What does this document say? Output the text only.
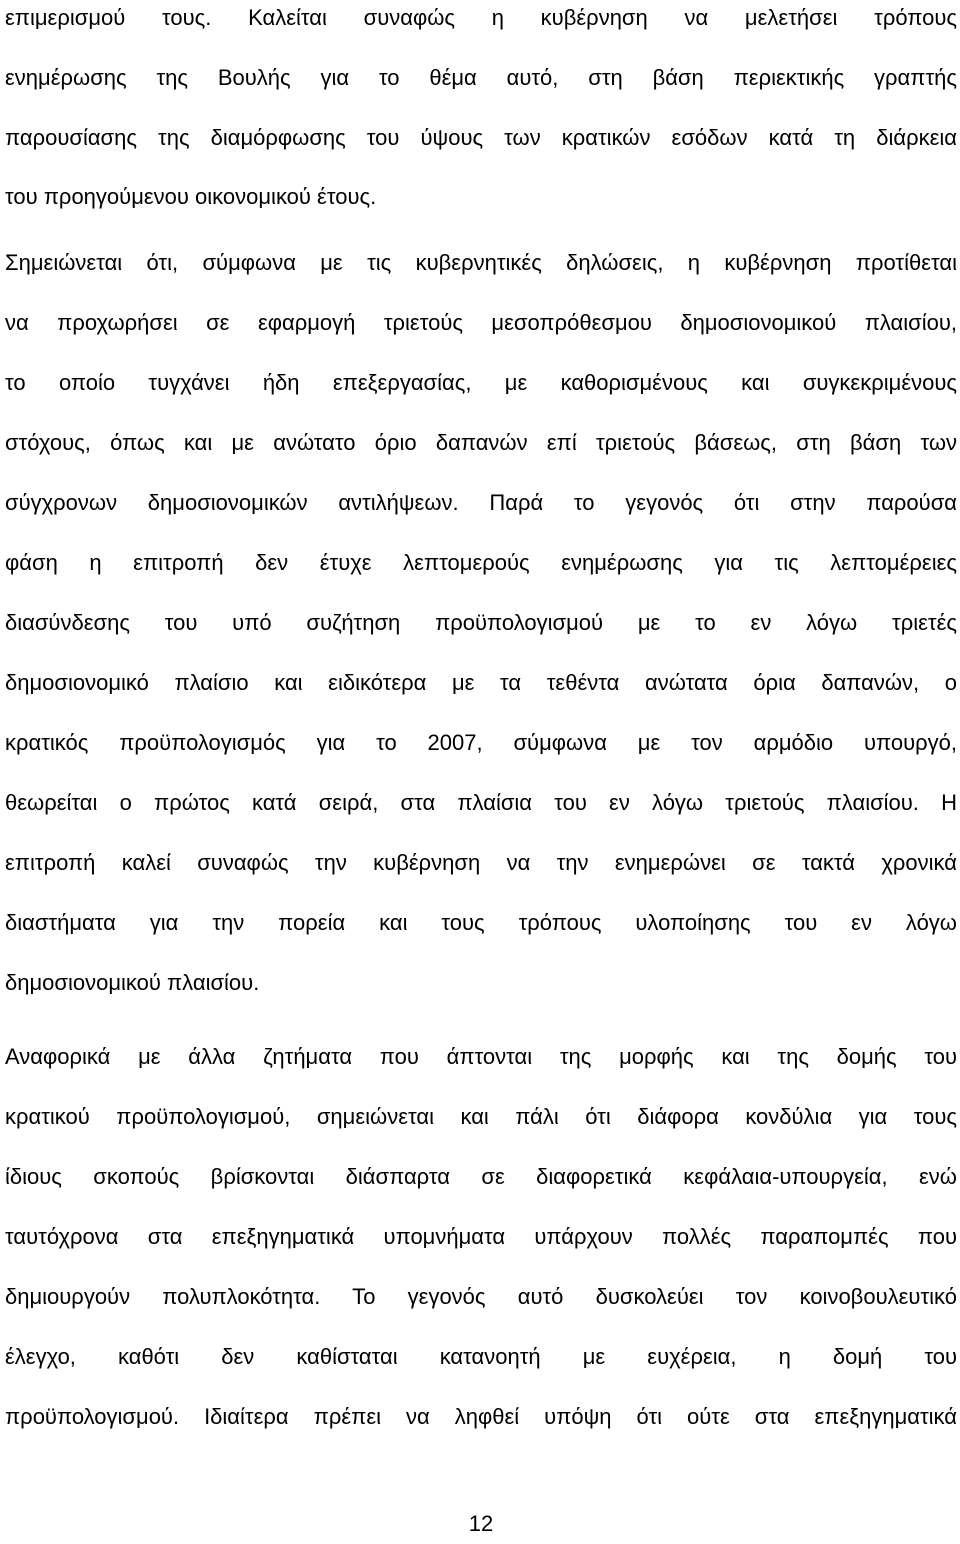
επιμερισμού τους. Καλείται συναφώς η κυβέρνηση να μελετήσει τρόπους
ενημέρωσης της Βουλής για το θέμα αυτό, στη βάση περιεκτικής γραπτής
παρουσίασης της διαμόρφωσης του ύψους των κρατικών εσόδων κατά τη διάρκεια
του προηγούμενου οικονομικού έτους.
Σημειώνεται ότι, σύμφωνα με τις κυβερνητικές δηλώσεις, η κυβέρνηση προτίθεται
να προχωρήσει σε εφαρμογή τριετούς μεσοπρόθεσμου δημοσιονομικού πλαισίου,
το οποίο τυγχάνει ήδη επεξεργασίας, με καθορισμένους και συγκεκριμένους
στόχους, όπως και με ανώτατο όριο δαπανών επί τριετούς βάσεως, στη βάση των
σύγχρονων δημοσιονομικών αντιλήψεων. Παρά το γεγονός ότι στην παρούσα
φάση η επιτροπή δεν έτυχε λεπτομερούς ενημέρωσης για τις λεπτομέρειες
διασύνδεσης του υπό συζήτηση προϋπολογισμού με το εν λόγω τριετές
δημοσιονομικό πλαίσιο και ειδικότερα με τα τεθέντα ανώτατα όρια δαπανών, ο
κρατικός προϋπολογισμός για το 2007, σύμφωνα με τον αρμόδιο υπουργό,
θεωρείται ο πρώτος κατά σειρά, στα πλαίσια του εν λόγω τριετούς πλαισίου. Η
επιτροπή καλεί συναφώς την κυβέρνηση να την ενημερώνει σε τακτά χρονικά
διαστήματα για την πορεία και τους τρόπους υλοποίησης του εν λόγω
δημοσιονομικού πλαισίου.
Αναφορικά με άλλα ζητήματα που άπτονται της μορφής και της δομής του
κρατικού προϋπολογισμού, σημειώνεται και πάλι ότι διάφορα κονδύλια για τους
ίδιους σκοπούς βρίσκονται διάσπαρτα σε διαφορετικά κεφάλαια-υπουργεία, ενώ
ταυτόχρονα στα επεξηγηματικά υπομνήματα υπάρχουν πολλές παραπομπές που
δημιουργούν πολυπλοκότητα. Το γεγονός αυτό δυσκολεύει τον κοινοβουλευτικό
έλεγχο, καθότι δεν καθίσταται κατανοητή με ευχέρεια, η δομή του
προϋπολογισμού. Ιδιαίτερα πρέπει να ληφθεί υπόψη ότι ούτε στα επεξηγηματικά
12
